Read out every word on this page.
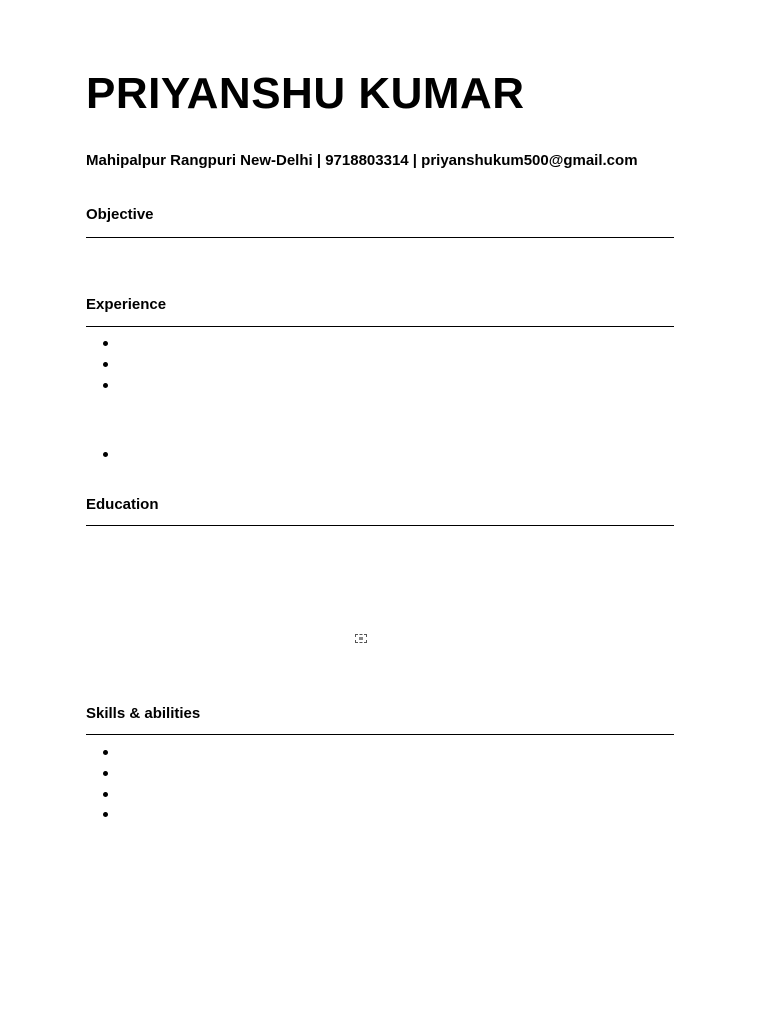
PRIYANSHU KUMAR
Mahipalpur Rangpuri New-Delhi | 9718803314 | priyanshukum500@gmail.com
Objective
Experience
Education
Skills & abilities
